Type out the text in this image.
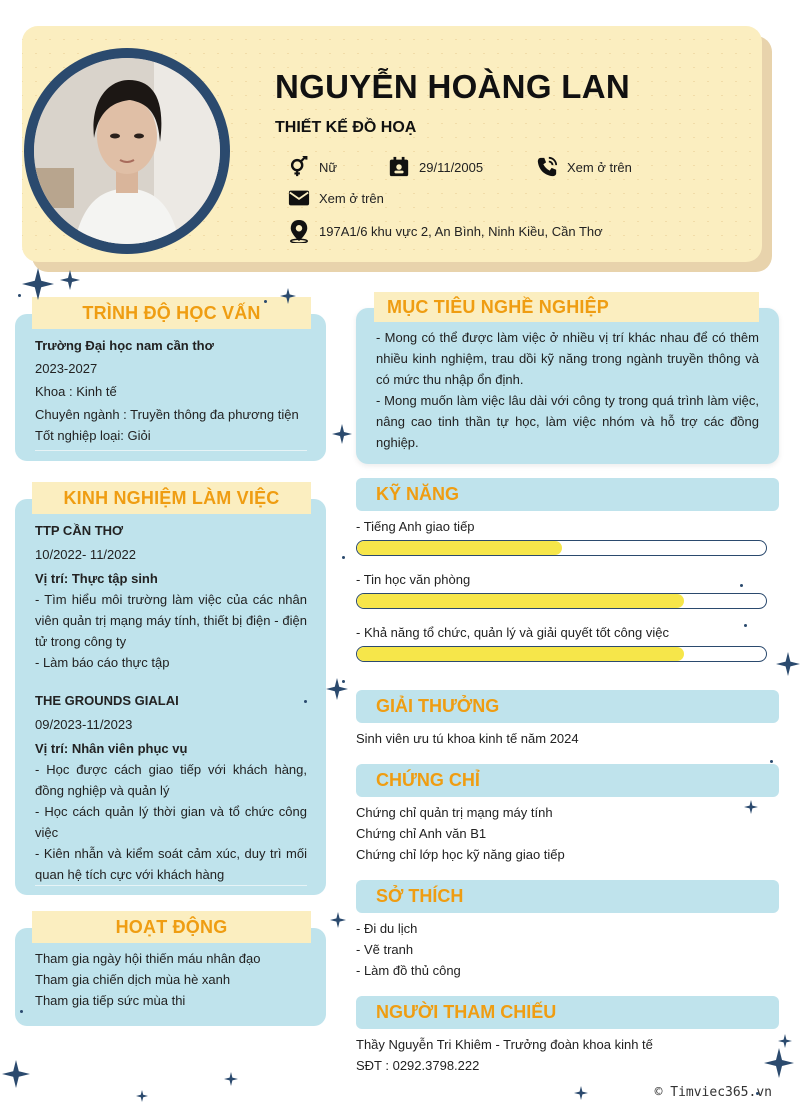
NGUYỄN HOÀNG LAN
THIẾT KẾ ĐỒ HOẠ
Nữ	29/11/2005	Xem ở trên
Xem ở trên
197A1/6 khu vực 2, An Bình, Ninh Kiều, Cần Thơ
TRÌNH ĐỘ HỌC VẤN
Trường Đại học nam cần thơ
2023-2027
Khoa : Kinh tế
Chuyên ngành : Truyền thông đa phương tiện
Tốt nghiệp loại: Giỏi
KINH NGHIỆM LÀM VIỆC
TTP CẦN THƠ
10/2022- 11/2022
Vị trí: Thực tập sinh
- Tìm hiểu môi trường làm việc của các nhân viên quản trị mạng máy tính, thiết bị điện - điện tử trong công ty
- Làm báo cáo thực tập
THE GROUNDS GIALAI
09/2023-11/2023
Vị trí: Nhân viên phục vụ
- Học được cách giao tiếp với khách hàng, đồng nghiệp và quản lý
- Học cách quản lý thời gian và tổ chức công việc
- Kiên nhẫn và kiểm soát cảm xúc, duy trì mối quan hệ tích cực với khách hàng
HOẠT ĐỘNG
Tham gia ngày hội thiến máu nhân đạo
Tham gia chiến dịch mùa hè xanh
Tham gia tiếp sức mùa thi
MỤC TIÊU NGHỀ NGHIỆP
- Mong có thể được làm việc ở nhiều vị trí khác nhau để có thêm nhiều kinh nghiệm, trau dồi kỹ năng trong ngành truyền thông và có mức thu nhập ổn định.
- Mong muốn làm việc lâu dài với công ty trong quá trình làm việc, nâng cao tinh thần tự học, làm việc nhóm và hỗ trợ các đồng nghiệp.
KỸ NĂNG
- Tiếng Anh giao tiếp
- Tin học văn phòng
- Khả năng tổ chức, quản lý và giải quyết tốt công việc
GIẢI THƯỞNG
Sinh viên ưu tú khoa kinh tế năm 2024
CHỨNG CHỈ
Chứng chỉ quản trị mạng máy tính
Chứng chỉ Anh văn B1
Chứng chỉ lớp học kỹ năng giao tiếp
SỞ THÍCH
- Đi du lịch
- Vẽ tranh
- Làm đồ thủ công
NGƯỜI THAM CHIẾU
Thầy Nguyễn Tri Khiêm - Trưởng đoàn khoa kinh tế
SĐT : 0292.3798.222
© Timviec365.vn
